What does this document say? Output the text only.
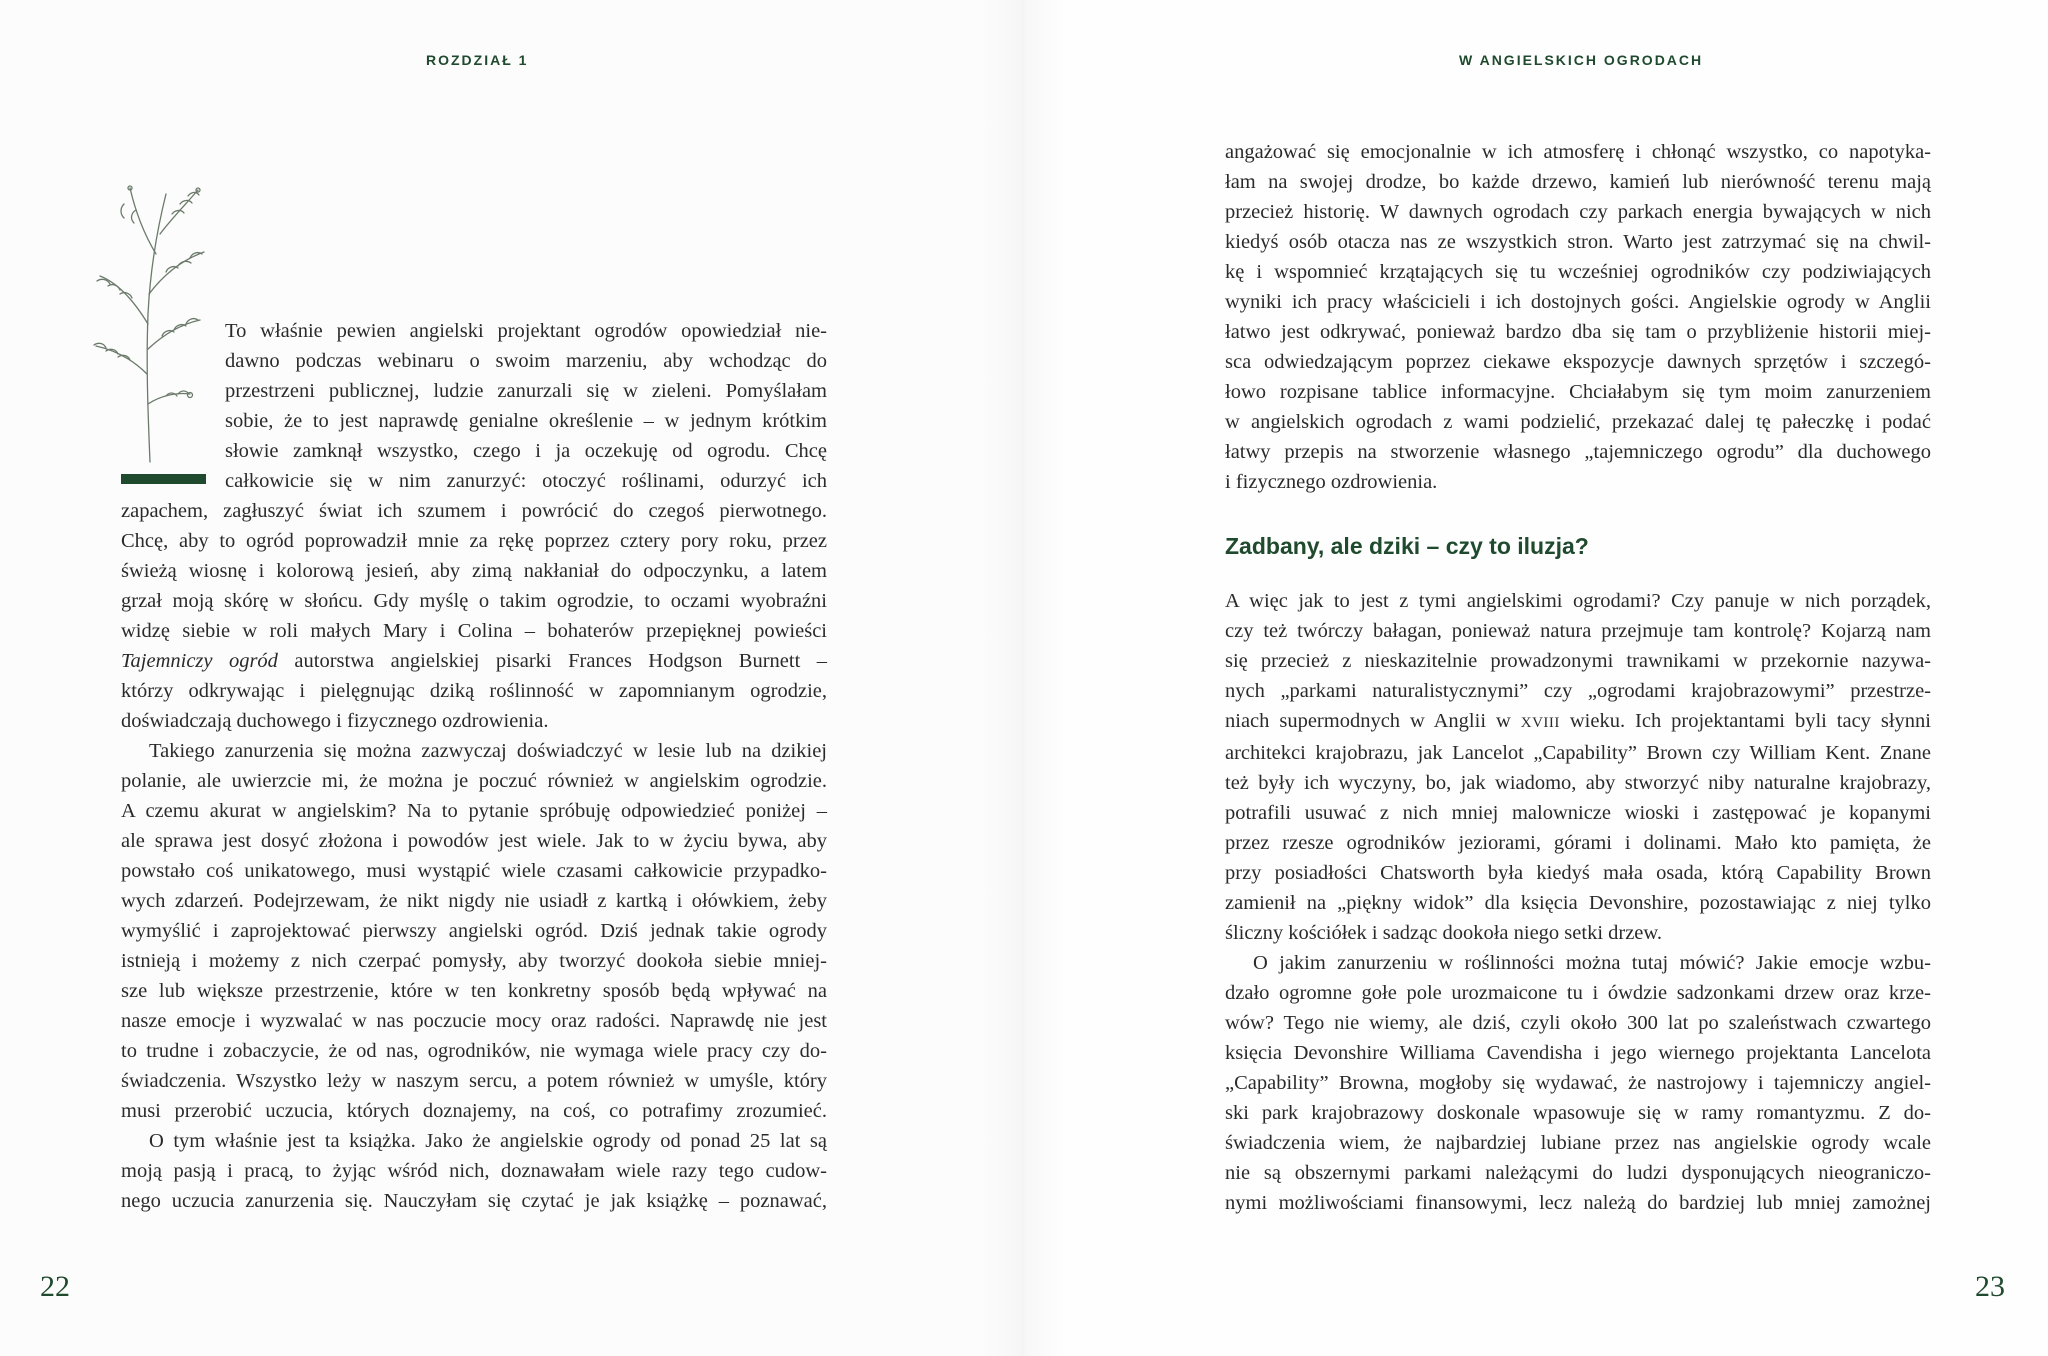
ROZDZIAŁ 1	W ANGIELSKICH OGRODACH

To właśnie pewien angielski projektant ogrodów opowiedział nie-

dawno podczas webinaru o swoim marzeniu, aby wchodząc do

przestrzeni publicznej, ludzie zanurzali się w zieleni. Pomyślałam

sobie, że to jest naprawdę genialne określenie – w jednym krótkim

słowie zamknął wszystko, czego i ja oczekuję od ogrodu. Chcę

całkowicie się w nim zanurzyć: otoczyć roślinami, odurzyć ich

zapachem, zagłuszyć świat ich szumem i powrócić do czegoś pierwotnego.

Chcę, aby to ogród poprowadził mnie za rękę poprzez cztery pory roku, przez

świeżą wiosnę i kolorową jesień, aby zimą nakłaniał do odpoczynku, a latem

grzał moją skórę w słońcu. Gdy myślę o takim ogrodzie, to oczami wyobraźni

widzę siebie w roli małych Mary i Colina – bohaterów przepięknej powieści

Tajemniczy ogród autorstwa angielskiej pisarki Frances Hodgson Burnett –

którzy odkrywając i pielęgnując dziką roślinność w zapomnianym ogrodzie,

doświadczają duchowego i fizycznego ozdrowienia.

Takiego zanurzenia się można zazwyczaj doświadczyć w lesie lub na dzikiej

polanie, ale uwierzcie mi, że można je poczuć również w angielskim ogrodzie.

A czemu akurat w angielskim? Na to pytanie spróbuję odpowiedzieć poniżej –

ale sprawa jest dosyć złożona i powodów jest wiele. Jak to w życiu bywa, aby

powstało coś unikatowego, musi wystąpić wiele czasami całkowicie przypadko-

wych zdarzeń. Podejrzewam, że nikt nigdy nie usiadł z kartką i ołówkiem, żeby

wymyślić i zaprojektować pierwszy angielski ogród. Dziś jednak takie ogrody

istnieją i możemy z nich czerpać pomysły, aby tworzyć dookoła siebie mniej-

sze lub większe przestrzenie, które w ten konkretny sposób będą wpływać na

nasze emocje i wyzwalać w nas poczucie mocy oraz radości. Naprawdę nie jest

to trudne i zobaczycie, że od nas, ogrodników, nie wymaga wiele pracy czy do-

świadczenia. Wszystko leży w naszym sercu, a potem również w umyśle, który

musi przerobić uczucia, których doznajemy, na coś, co potrafimy zrozumieć.

O tym właśnie jest ta książka. Jako że angielskie ogrody od ponad 25 lat są

moją pasją i pracą, to żyjąc wśród nich, doznawałam wiele razy tego cudow-

nego uczucia zanurzenia się. Nauczyłam się czytać je jak książkę – poznawać,

angażować się emocjonalnie w ich atmosferę i chłonąć wszystko, co napotyka-

łam na swojej drodze, bo każde drzewo, kamień lub nierówność terenu mają

przecież historię. W dawnych ogrodach czy parkach energia bywających w nich

kiedyś osób otacza nas ze wszystkich stron. Warto jest zatrzymać się na chwil-

kę i wspomnieć krzątających się tu wcześniej ogrodników czy podziwiających

wyniki ich pracy właścicieli i ich dostojnych gości. Angielskie ogrody w Anglii

łatwo jest odkrywać, ponieważ bardzo dba się tam o przybliżenie historii miej-

sca odwiedzającym poprzez ciekawe ekspozycje dawnych sprzętów i szczegó-

łowo rozpisane tablice informacyjne. Chciałabym się tym moim zanurzeniem

w angielskich ogrodach z wami podzielić, przekazać dalej tę pałeczkę i podać

łatwy przepis na stworzenie własnego „tajemniczego ogrodu” dla duchowego

i fizycznego ozdrowienia.

Zadbany, ale dziki – czy to iluzja?

A więc jak to jest z tymi angielskimi ogrodami? Czy panuje w nich porządek,

czy też twórczy bałagan, ponieważ natura przejmuje tam kontrolę? Kojarzą nam

się przecież z nieskazitelnie prowadzonymi trawnikami w przekornie nazywa-

nych „parkami naturalistycznymi” czy „ogrodami krajobrazowymi” przestrze-

niach supermodnych w Anglii w XVIII wieku. Ich projektantami byli tacy słynni

architekci krajobrazu, jak Lancelot „Capability” Brown czy William Kent. Znane

też były ich wyczyny, bo, jak wiadomo, aby stworzyć niby naturalne krajobrazy,

potrafili usuwać z nich mniej malownicze wioski i zastępować je kopanymi

przez rzesze ogrodników jeziorami, górami i dolinami. Mało kto pamięta, że

przy posiadłości Chatsworth była kiedyś mała osada, którą Capability Brown

zamienił na „piękny widok” dla księcia Devonshire, pozostawiając z niej tylko

śliczny kościółek i sadząc dookoła niego setki drzew.

O jakim zanurzeniu w roślinności można tutaj mówić? Jakie emocje wzbu-

dzało ogromne gołe pole urozmaicone tu i ówdzie sadzonkami drzew oraz krze-

wów? Tego nie wiemy, ale dziś, czyli około 300 lat po szaleństwach czwartego

księcia Devonshire Williama Cavendisha i jego wiernego projektanta Lancelota

„Capability” Browna, mogłoby się wydawać, że nastrojowy i tajemniczy angiel-

ski park krajobrazowy doskonale wpasowuje się w ramy romantyzmu. Z do-

świadczenia wiem, że najbardziej lubiane przez nas angielskie ogrody wcale

nie są obszernymi parkami należącymi do ludzi dysponujących nieograniczo-

nymi możliwościami finansowymi, lecz należą do bardziej lub mniej zamożnej

22	23
